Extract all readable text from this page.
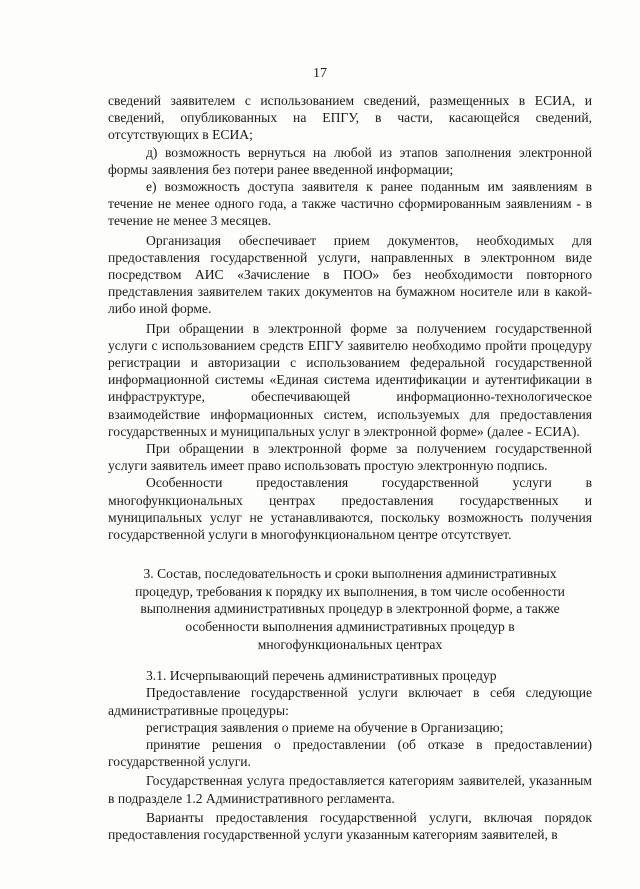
17

сведений заявителем с использованием сведений, размещенных в ЕСИА, и сведений, опубликованных на ЕПГУ, в части, касающейся сведений, отсутствующих в ЕСИА;

д) возможность вернуться на любой из этапов заполнения электронной формы заявления без потери ранее введенной информации;

е) возможность доступа заявителя к ранее поданным им заявлениям в течение не менее одного года, а также частично сформированным заявлениям - в течение не менее 3 месяцев.

Организация обеспечивает прием документов, необходимых для предоставления государственной услуги, направленных в электронном виде посредством АИС «Зачисление в ПОО» без необходимости повторного представления заявителем таких документов на бумажном носителе или в какой-либо иной форме.

При обращении в электронной форме за получением государственной услуги с использованием средств ЕПГУ заявителю необходимо пройти процедуру регистрации и авторизации с использованием федеральной государственной информационной системы «Единая система идентификации и аутентификации в инфраструктуре, обеспечивающей информационно-технологическое взаимодействие информационных систем, используемых для предоставления государственных и муниципальных услуг в электронной форме» (далее - ЕСИА).

При обращении в электронной форме за получением государственной услуги заявитель имеет право использовать простую электронную подпись.

Особенности предоставления государственной услуги в многофункциональных центрах предоставления государственных и муниципальных услуг не устанавливаются, поскольку возможность получения государственной услуги в многофункциональном центре отсутствует.

3. Состав, последовательность и сроки выполнения административных процедур, требования к порядку их выполнения, в том числе особенности выполнения административных процедур в электронной форме, а также особенности выполнения административных процедур в многофункциональных центрах

3.1. Исчерпывающий перечень административных процедур

Предоставление государственной услуги включает в себя следующие административные процедуры:

регистрация заявления о приеме на обучение в Организацию;

принятие решения о предоставлении (об отказе в предоставлении) государственной услуги.

Государственная услуга предоставляется категориям заявителей, указанным в подразделе 1.2 Административного регламента.

Варианты предоставления государственной услуги, включая порядок предоставления государственной услуги указанным категориям заявителей, в
